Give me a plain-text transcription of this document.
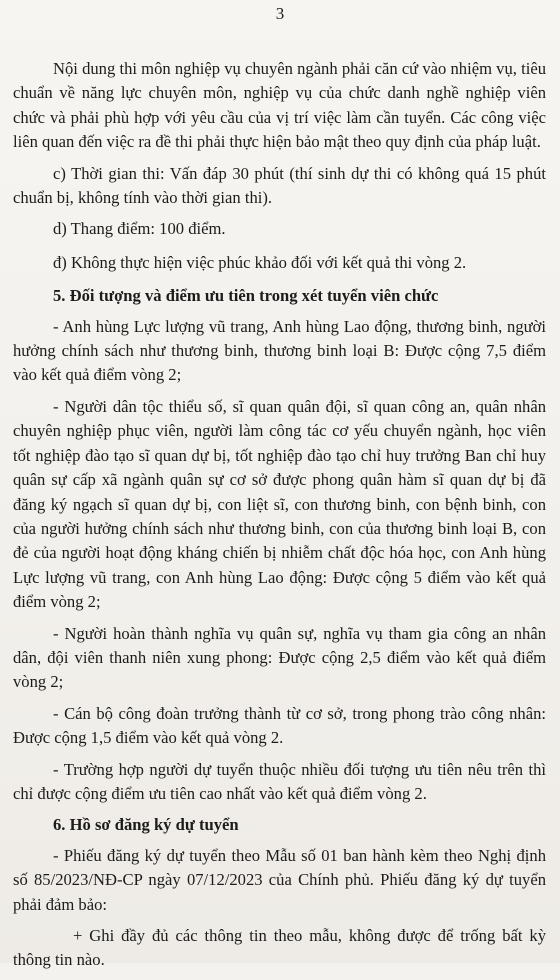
3

Nội dung thi môn nghiệp vụ chuyên ngành phải căn cứ vào nhiệm vụ, tiêu chuẩn về năng lực chuyên môn, nghiệp vụ của chức danh nghề nghiệp viên chức và phải phù hợp với yêu cầu của vị trí việc làm cần tuyển. Các công việc liên quan đến việc ra đề thi phải thực hiện bảo mật theo quy định của pháp luật.

c) Thời gian thi: Vấn đáp 30 phút (thí sinh dự thi có không quá 15 phút chuẩn bị, không tính vào thời gian thi).

d) Thang điểm: 100 điểm.

đ) Không thực hiện việc phúc khảo đối với kết quả thi vòng 2.

5. Đối tượng và điểm ưu tiên trong xét tuyển viên chức

- Anh hùng Lực lượng vũ trang, Anh hùng Lao động, thương binh, người hưởng chính sách như thương binh, thương binh loại B: Được cộng 7,5 điểm vào kết quả điểm vòng 2;

- Người dân tộc thiểu số, sĩ quan quân đội, sĩ quan công an, quân nhân chuyên nghiệp phục viên, người làm công tác cơ yếu chuyển ngành, học viên tốt nghiệp đào tạo sĩ quan dự bị, tốt nghiệp đào tạo chỉ huy trưởng Ban chỉ huy quân sự cấp xã ngành quân sự cơ sở được phong quân hàm sĩ quan dự bị đã đăng ký ngạch sĩ quan dự bị, con liệt sĩ, con thương binh, con bệnh binh, con của người hưởng chính sách như thương binh, con của thương binh loại B, con đẻ của người hoạt động kháng chiến bị nhiễm chất độc hóa học, con Anh hùng Lực lượng vũ trang, con Anh hùng Lao động: Được cộng 5 điểm vào kết quả điểm vòng 2;

- Người hoàn thành nghĩa vụ quân sự, nghĩa vụ tham gia công an nhân dân, đội viên thanh niên xung phong: Được cộng 2,5 điểm vào kết quả điểm vòng 2;

- Cán bộ công đoàn trưởng thành từ cơ sở, trong phong trào công nhân: Được cộng 1,5 điểm vào kết quả vòng 2.

- Trường hợp người dự tuyển thuộc nhiều đối tượng ưu tiên nêu trên thì chỉ được cộng điểm ưu tiên cao nhất vào kết quả điểm vòng 2.

6. Hồ sơ đăng ký dự tuyển

- Phiếu đăng ký dự tuyển theo Mẫu số 01 ban hành kèm theo Nghị định số 85/2023/NĐ-CP ngày 07/12/2023 của Chính phủ. Phiếu đăng ký dự tuyển phải đảm bảo:

+ Ghi đầy đủ các thông tin theo mẫu, không được để trống bất kỳ thông tin nào.
